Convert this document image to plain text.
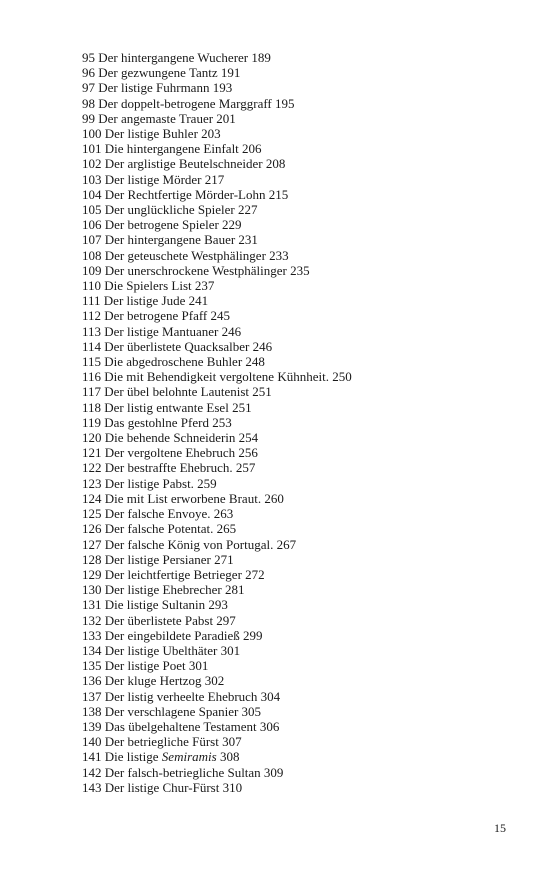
95 Der hintergangene Wucherer 189
96 Der gezwungene Tantz 191
97 Der listige Fuhrmann 193
98 Der doppelt-betrogene Marggraff 195
99 Der angemaste Trauer 201
100 Der listige Buhler 203
101 Die hintergangene Einfalt 206
102 Der arglistige Beutelschneider 208
103 Der listige Mörder 217
104 Der Rechtfertige Mörder-Lohn 215
105 Der unglückliche Spieler 227
106 Der betrogene Spieler 229
107 Der hintergangene Bauer 231
108 Der geteuschete Westphälinger 233
109 Der unerschrockene Westphälinger 235
110 Die Spielers List 237
111 Der listige Jude 241
112 Der betrogene Pfaff 245
113 Der listige Mantuaner 246
114 Der überlistete Quacksalber 246
115 Die abgedroschene Buhler 248
116 Die mit Behendigkeit vergoltene Kühnheit. 250
117 Der übel belohnte Lautenist 251
118 Der listig entwante Esel 251
119 Das gestohlne Pferd 253
120 Die behende Schneiderin 254
121 Der vergoltene Ehebruch 256
122 Der bestraffte Ehebruch. 257
123 Der listige Pabst. 259
124 Die mit List erworbene Braut. 260
125 Der falsche Envoye. 263
126 Der falsche Potentat. 265
127 Der falsche König von Portugal. 267
128 Der listige Persianer 271
129 Der leichtfertige Betrieger 272
130 Der listige Ehebrecher 281
131 Die listige Sultanin 293
132 Der überlistete Pabst 297
133 Der eingebildete Paradieß 299
134 Der listige Ubelthäter 301
135 Der listige Poet 301
136 Der kluge Hertzog 302
137 Der listig verheelte Ehebruch 304
138 Der verschlagene Spanier 305
139 Das übelgehaltene Testament 306
140 Der betriegliche Fürst 307
141 Die listige Semiramis 308
142 Der falsch-betriegliche Sultan 309
143 Der listige Chur-Fürst 310
15
